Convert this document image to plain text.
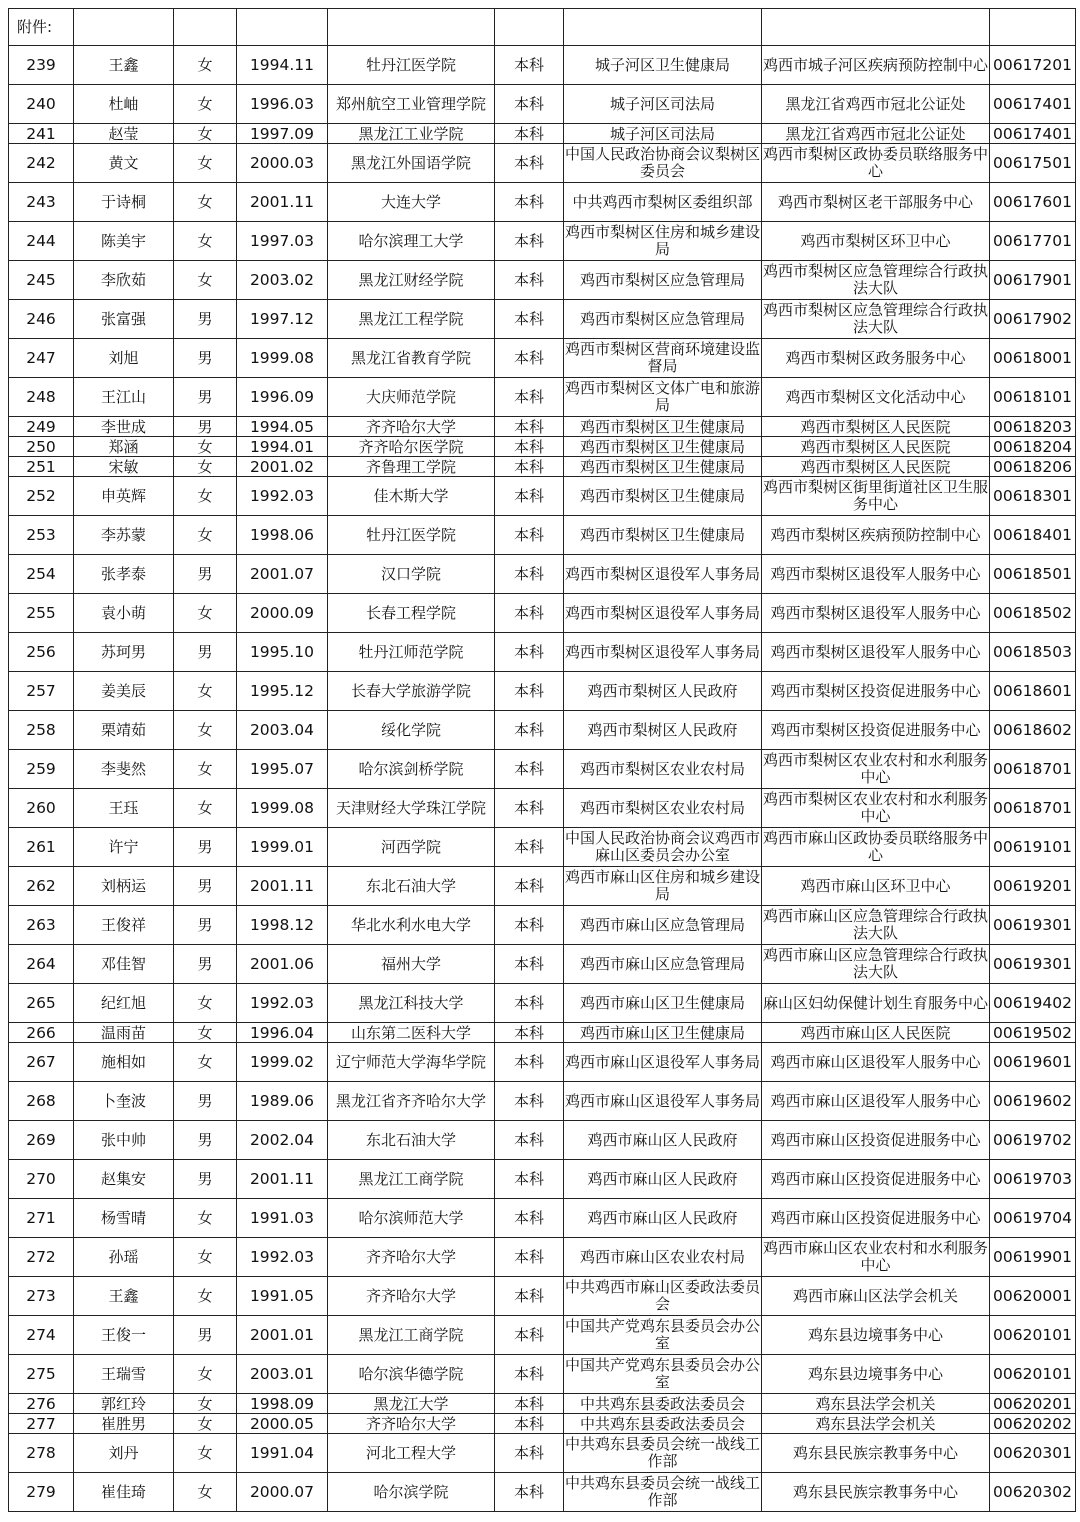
附件:								
239	王鑫	女	1994.11	牡丹江医学院	本科	城子河区卫生健康局	鸡西市城子河区疾病预防控制中心	00617201
240	杜岫	女	1996.03	郑州航空工业管理学院	本科	城子河区司法局	黑龙江省鸡西市冠北公证处	00617401
241	赵莹	女	1997.09	黑龙江工业学院	本科	城子河区司法局	黑龙江省鸡西市冠北公证处	00617401
242	黄文	女	2000.03	黑龙江外国语学院	本科	中国人民政治协商会议梨树区委员会	鸡西市梨树区政协委员联络服务中心	00617501
243	于诗桐	女	2001.11	大连大学	本科	中共鸡西市梨树区委组织部	鸡西市梨树区老干部服务中心	00617601
244	陈美宇	女	1997.03	哈尔滨理工大学	本科	鸡西市梨树区住房和城乡建设局	鸡西市梨树区环卫中心	00617701
245	李欣茹	女	2003.02	黑龙江财经学院	本科	鸡西市梨树区应急管理局	鸡西市梨树区应急管理综合行政执法大队	00617901
246	张富强	男	1997.12	黑龙江工程学院	本科	鸡西市梨树区应急管理局	鸡西市梨树区应急管理综合行政执法大队	00617902
247	刘旭	男	1999.08	黑龙江省教育学院	本科	鸡西市梨树区营商环境建设监督局	鸡西市梨树区政务服务中心	00618001
248	王江山	男	1996.09	大庆师范学院	本科	鸡西市梨树区文体广电和旅游局	鸡西市梨树区文化活动中心	00618101
249	李世成	男	1994.05	齐齐哈尔大学	本科	鸡西市梨树区卫生健康局	鸡西市梨树区人民医院	00618203
250	郑涵	女	1994.01	齐齐哈尔医学院	本科	鸡西市梨树区卫生健康局	鸡西市梨树区人民医院	00618204
251	宋敏	女	2001.02	齐鲁理工学院	本科	鸡西市梨树区卫生健康局	鸡西市梨树区人民医院	00618206
252	申英辉	女	1992.03	佳木斯大学	本科	鸡西市梨树区卫生健康局	鸡西市梨树区街里街道社区卫生服务中心	00618301
253	李苏蒙	女	1998.06	牡丹江医学院	本科	鸡西市梨树区卫生健康局	鸡西市梨树区疾病预防控制中心	00618401
254	张孝泰	男	2001.07	汉口学院	本科	鸡西市梨树区退役军人事务局	鸡西市梨树区退役军人服务中心	00618501
255	袁小萌	女	2000.09	长春工程学院	本科	鸡西市梨树区退役军人事务局	鸡西市梨树区退役军人服务中心	00618502
256	苏珂男	男	1995.10	牡丹江师范学院	本科	鸡西市梨树区退役军人事务局	鸡西市梨树区退役军人服务中心	00618503
257	姜美辰	女	1995.12	长春大学旅游学院	本科	鸡西市梨树区人民政府	鸡西市梨树区投资促进服务中心	00618601
258	栗靖茹	女	2003.04	绥化学院	本科	鸡西市梨树区人民政府	鸡西市梨树区投资促进服务中心	00618602
259	李斐然	女	1995.07	哈尔滨剑桥学院	本科	鸡西市梨树区农业农村局	鸡西市梨树区农业农村和水利服务中心	00618701
260	王珏	女	1999.08	天津财经大学珠江学院	本科	鸡西市梨树区农业农村局	鸡西市梨树区农业农村和水利服务中心	00618701
261	许宁	男	1999.01	河西学院	本科	中国人民政治协商会议鸡西市麻山区委员会办公室	鸡西市麻山区政协委员联络服务中心	00619101
262	刘柄运	男	2001.11	东北石油大学	本科	鸡西市麻山区住房和城乡建设局	鸡西市麻山区环卫中心	00619201
263	王俊祥	男	1998.12	华北水利水电大学	本科	鸡西市麻山区应急管理局	鸡西市麻山区应急管理综合行政执法大队	00619301
264	邓佳智	男	2001.06	福州大学	本科	鸡西市麻山区应急管理局	鸡西市麻山区应急管理综合行政执法大队	00619301
265	纪红旭	女	1992.03	黑龙江科技大学	本科	鸡西市麻山区卫生健康局	麻山区妇幼保健计划生育服务中心	00619402
266	温雨苗	女	1996.04	山东第二医科大学	本科	鸡西市麻山区卫生健康局	鸡西市麻山区人民医院	00619502
267	施相如	女	1999.02	辽宁师范大学海华学院	本科	鸡西市麻山区退役军人事务局	鸡西市麻山区退役军人服务中心	00619601
268	卜奎波	男	1989.06	黑龙江省齐齐哈尔大学	本科	鸡西市麻山区退役军人事务局	鸡西市麻山区退役军人服务中心	00619602
269	张中帅	男	2002.04	东北石油大学	本科	鸡西市麻山区人民政府	鸡西市麻山区投资促进服务中心	00619702
270	赵集安	男	2001.11	黑龙江工商学院	本科	鸡西市麻山区人民政府	鸡西市麻山区投资促进服务中心	00619703
271	杨雪晴	女	1991.03	哈尔滨师范大学	本科	鸡西市麻山区人民政府	鸡西市麻山区投资促进服务中心	00619704
272	孙瑶	女	1992.03	齐齐哈尔大学	本科	鸡西市麻山区农业农村局	鸡西市麻山区农业农村和水利服务中心	00619901
273	王鑫	女	1991.05	齐齐哈尔大学	本科	中共鸡西市麻山区委政法委员会	鸡西市麻山区法学会机关	00620001
274	王俊一	男	2001.01	黑龙江工商学院	本科	中国共产党鸡东县委员会办公室	鸡东县边境事务中心	00620101
275	王瑞雪	女	2003.01	哈尔滨华德学院	本科	中国共产党鸡东县委员会办公室	鸡东县边境事务中心	00620101
276	郭红玲	女	1998.09	黑龙江大学	本科	中共鸡东县委政法委员会	鸡东县法学会机关	00620201
277	崔胜男	女	2000.05	齐齐哈尔大学	本科	中共鸡东县委政法委员会	鸡东县法学会机关	00620202
278	刘丹	女	1991.04	河北工程大学	本科	中共鸡东县委员会统一战线工作部	鸡东县民族宗教事务中心	00620301
279	崔佳琦	女	2000.07	哈尔滨学院	本科	中共鸡东县委员会统一战线工作部	鸡东县民族宗教事务中心	00620302
